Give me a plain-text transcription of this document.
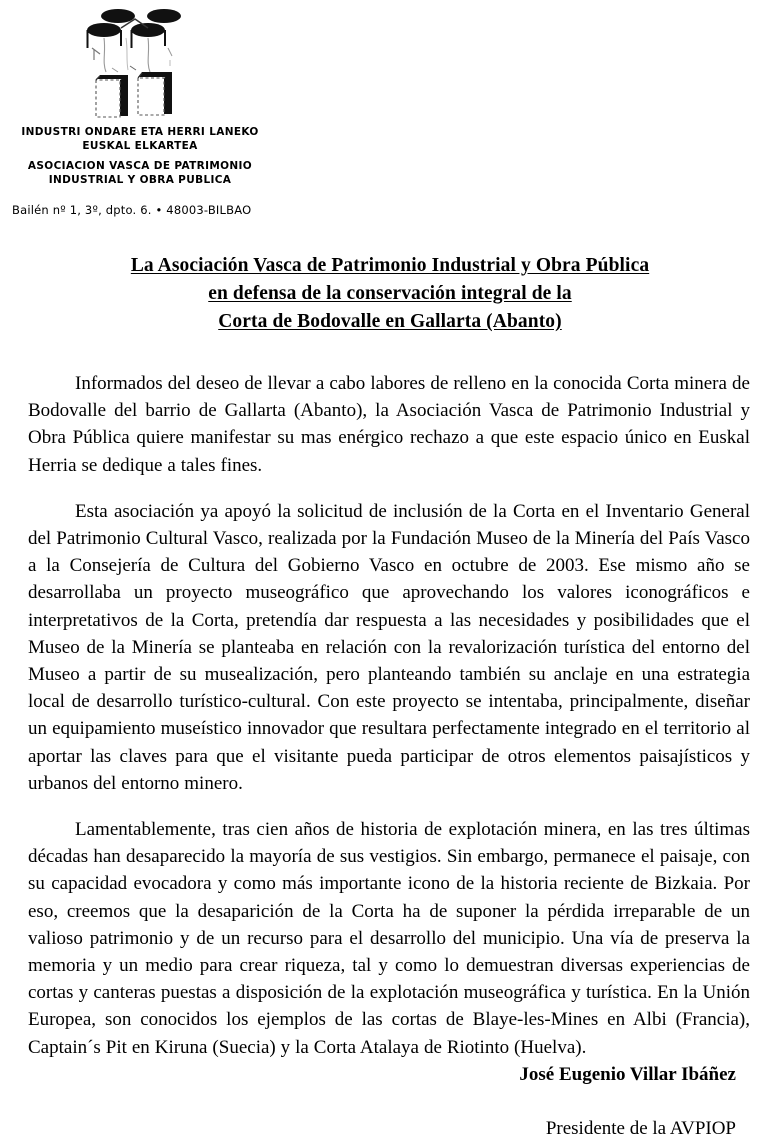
INDUSTRI ONDARE ETA HERRI LANEKO
EUSKAL ELKARTEA
ASOCIACION VASCA DE PATRIMONIO
INDUSTRIAL Y OBRA PUBLICA
Bailén nº 1, 3º, dpto. 6. • 48003-BILBAO
La Asociación Vasca de Patrimonio Industrial y Obra Pública
en defensa de la conservación integral de la
Corta de Bodovalle en Gallarta (Abanto)

Informados del deseo de llevar a cabo labores de relleno en la conocida Corta minera de Bodovalle del barrio de Gallarta (Abanto), la Asociación Vasca de Patrimonio Industrial y Obra Pública quiere manifestar su mas enérgico rechazo a que este espacio único en Euskal Herria se dedique a tales fines.

Esta asociación ya apoyó la solicitud de inclusión de la Corta en el Inventario General del Patrimonio Cultural Vasco, realizada por la Fundación Museo de la Minería del País Vasco a la Consejería de Cultura del Gobierno Vasco en octubre de 2003. Ese mismo año se desarrollaba un proyecto museográfico que aprovechando los valores iconográficos e interpretativos de la Corta, pretendía dar respuesta a las necesidades y posibilidades que el Museo de la Minería se planteaba en relación con la revalorización turística del entorno del Museo a partir de su musealización, pero planteando también su anclaje en una estrategia local de desarrollo turístico-cultural. Con este proyecto se intentaba, principalmente, diseñar un equipamiento museístico innovador que resultara perfectamente integrado en el territorio al aportar las claves para que el visitante pueda participar de otros elementos paisajísticos y urbanos del entorno minero.

Lamentablemente, tras cien años de historia de explotación minera, en las tres últimas décadas han desaparecido la mayoría de sus vestigios. Sin embargo, permanece el paisaje, con su capacidad evocadora y como más importante icono de la historia reciente de Bizkaia. Por eso, creemos que la desaparición de la Corta ha de suponer la pérdida irreparable de un valioso patrimonio y de un recurso para el desarrollo del municipio. Una vía de preserva la memoria y un medio para crear riqueza, tal y como lo demuestran diversas experiencias de cortas y canteras puestas a disposición de la explotación museográfica y turística. En la Unión Europea, son conocidos los ejemplos de las cortas de Blaye-les-Mines en Albi (Francia), Captain´s Pit en Kiruna (Suecia) y la Corta Atalaya de Riotinto (Huelva).

José Eugenio Villar Ibáñez
Presidente de la AVPIOP
